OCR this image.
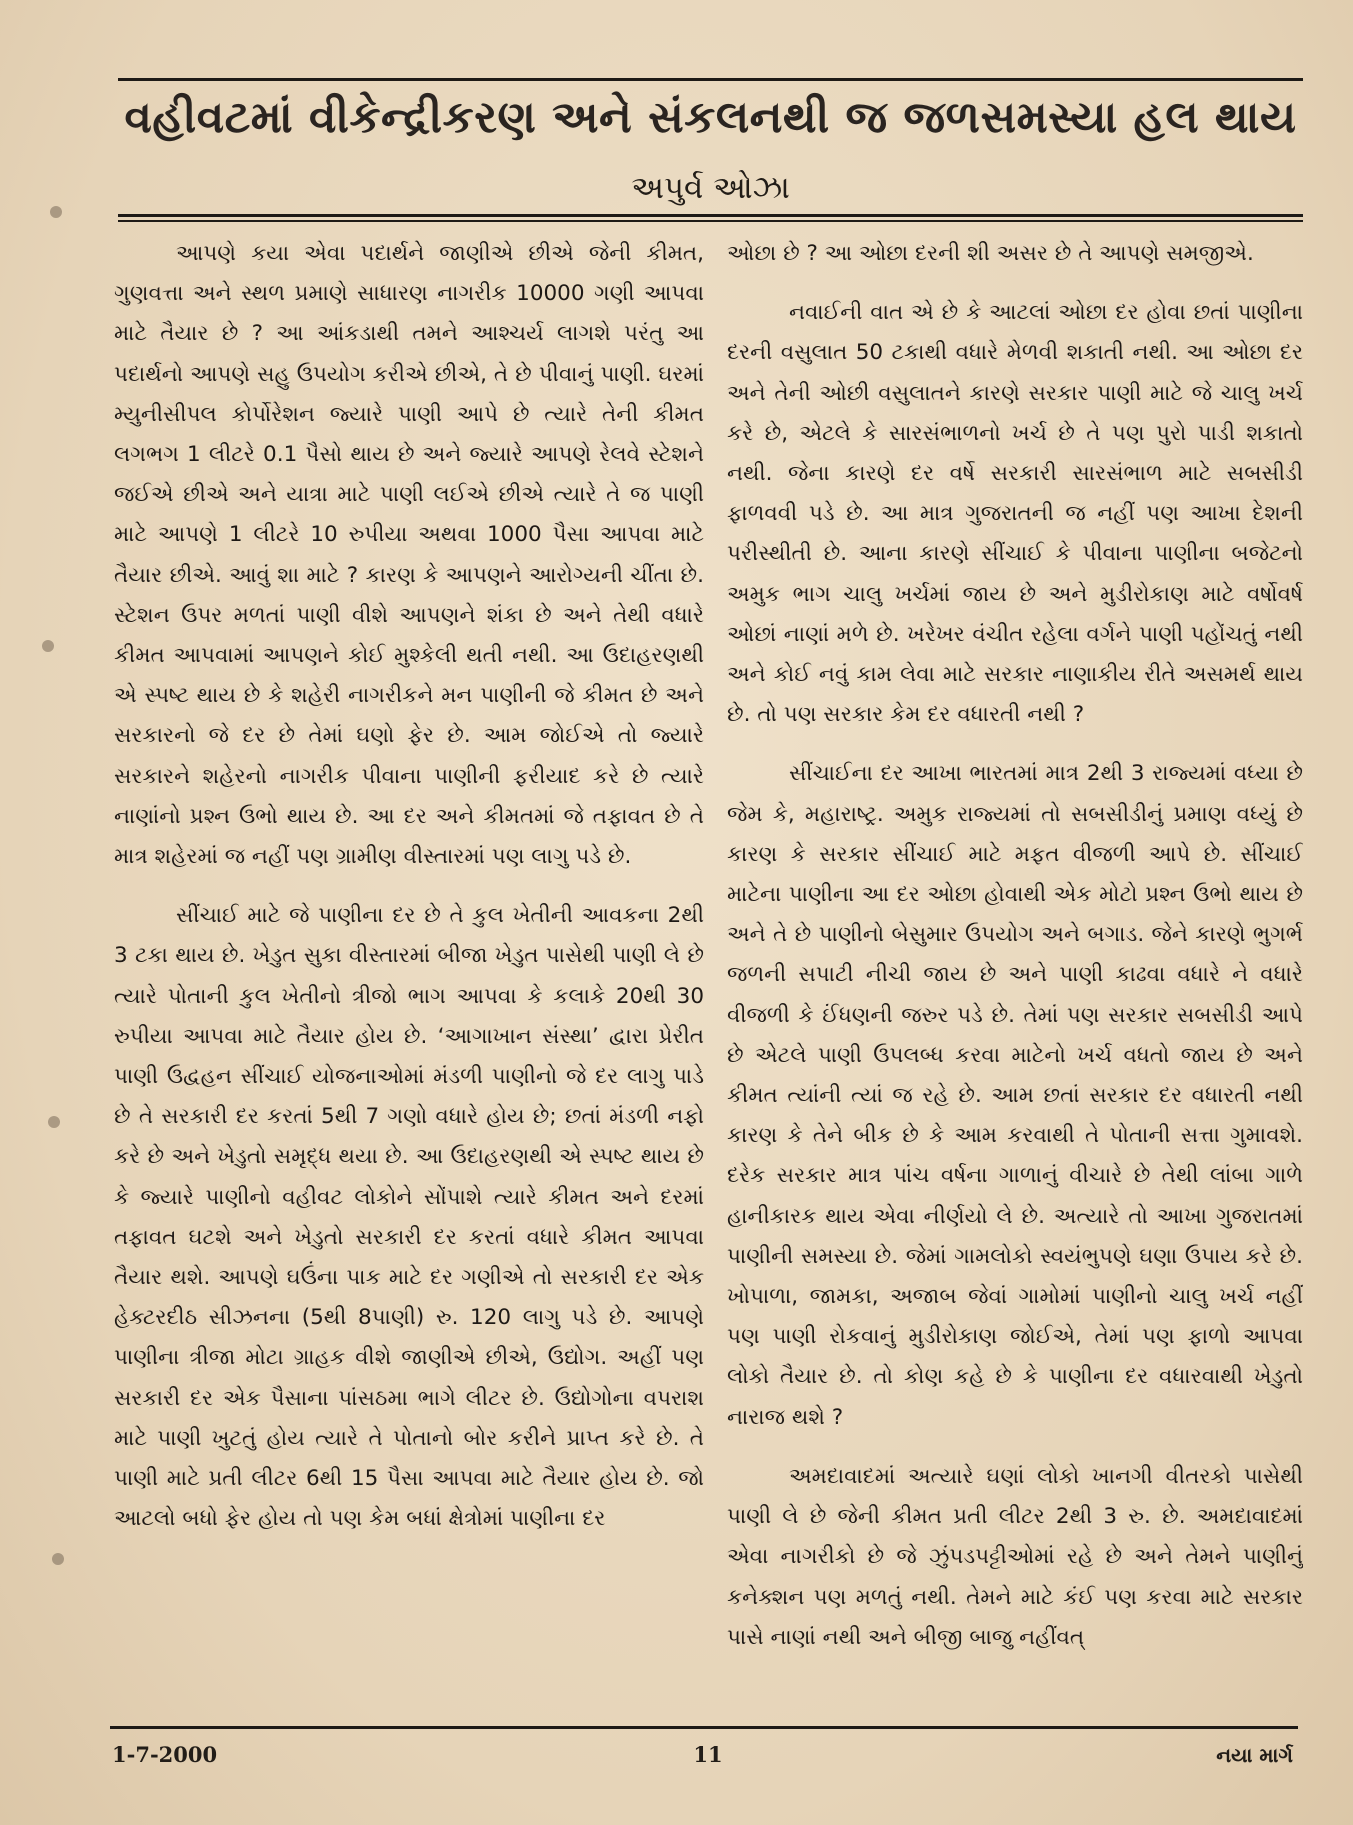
વહીવટમાં વીકેન્દ્રીકરણ અને સંકલનથી જ જળસમસ્યા હલ થાય
અપુર્વ ઓઝા

આપણે કયા એવા પદાર્થને જાણીએ છીએ જેની કીમત, ગુણવત્તા અને સ્થળ પ્રમાણે સાધારણ નાગરીક 10000 ગણી આપવા માટે તૈયાર છે ? આ આંકડાથી તમને આશ્ચર્ય લાગશે પરંતુ આ પદાર્થનો આપણે સહુ ઉપયોગ કરીએ છીએ, તે છે પીવાનું પાણી. ઘરમાં મ્યુનીસીપલ કોર્પોરેશન જ્યારે પાણી આપે છે ત્યારે તેની કીમત લગભગ 1 લીટરે 0.1 પૈસો થાય છે અને જ્યારે આપણે રેલવે સ્ટેશને જઈએ છીએ અને યાત્રા માટે પાણી લઈએ છીએ ત્યારે તે જ પાણી માટે આપણે 1 લીટરે 10 રુપીયા અથવા 1000 પૈસા આપવા માટે તૈયાર છીએ. આવું શા માટે ? કારણ કે આપણને આરોગ્યની ચીંતા છે. સ્ટેશન ઉપર મળતાં પાણી વીશે આપણને શંકા છે અને તેથી વધારે કીમત આપવામાં આપણને કોઈ મુશ્કેલી થતી નથી. આ ઉદાહરણથી એ સ્પષ્ટ થાય છે કે શહેરી નાગરીકને મન પાણીની જે કીમત છે અને સરકારનો જે દર છે તેમાં ઘણો ફેર છે. આમ જોઈએ તો જ્યારે સરકારને શહેરનો નાગરીક પીવાના પાણીની ફરીયાદ કરે છે ત્યારે નાણાંનો પ્રશ્ન ઉભો થાય છે. આ દર અને કીમતમાં જે તફાવત છે તે માત્ર શહેરમાં જ નહીં પણ ગ્રામીણ વીસ્તારમાં પણ લાગુ પડે છે.

સીંચાઈ માટે જે પાણીના દર છે તે કુલ ખેતીની આવકના 2થી 3 ટકા થાય છે. ખેડુત સુકા વીસ્તારમાં બીજા ખેડુત પાસેથી પાણી લે છે ત્યારે પોતાની કુલ ખેતીનો ત્રીજો ભાગ આપવા કે કલાકે 20થી 30 રુપીયા આપવા માટે તૈયાર હોય છે. ‘આગાખાન સંસ્થા’ દ્વારા પ્રેરીત પાણી ઉદ્વહન સીંચાઈ યોજનાઓમાં મંડળી પાણીનો જે દર લાગુ પાડે છે તે સરકારી દર કરતાં 5થી 7 ગણો વધારે હોય છે; છતાં મંડળી નફો કરે છે અને ખેડુતો સમૃદ્ધ થયા છે. આ ઉદાહરણથી એ સ્પષ્ટ થાય છે કે જ્યારે પાણીનો વહીવટ લોકોને સોંપાશે ત્યારે કીમત અને દરમાં તફાવત ઘટશે અને ખેડુતો સરકારી દર કરતાં વધારે કીમત આપવા તૈયાર થશે. આપણે ઘઉંના પાક માટે દર ગણીએ તો સરકારી દર એક હેક્ટરદીઠ સીઝનના (5થી 8પાણી) રુ. 120 લાગુ પડે છે. આપણે પાણીના ત્રીજા મોટા ગ્રાહક વીશે જાણીએ છીએ, ઉદ્યોગ. અહીં પણ સરકારી દર એક પૈસાના પાંસઠમા ભાગે લીટર છે. ઉદ્યોગોના વપરાશ માટે પાણી ખુટતું હોય ત્યારે તે પોતાનો બોર કરીને પ્રાપ્ત કરે છે. તે પાણી માટે પ્રતી લીટર 6થી 15 પૈસા આપવા માટે તૈયાર હોય છે. જો આટલો બધો ફેર હોય તો પણ કેમ બધાં ક્ષેત્રોમાં પાણીના દર

ઓછા છે ? આ ઓછા દરની શી અસર છે તે આપણે સમજીએ.

નવાઈની વાત એ છે કે આટલાં ઓછા દર હોવા છતાં પાણીના દરની વસુલાત 50 ટકાથી વધારે મેળવી શકાતી નથી. આ ઓછા દર અને તેની ઓછી વસુલાતને કારણે સરકાર પાણી માટે જે ચાલુ ખર્ચ કરે છે, એટલે કે સારસંભાળનો ખર્ચ છે તે પણ પુરો પાડી શકાતો નથી. જેના કારણે દર વર્ષે સરકારી સારસંભાળ માટે સબસીડી ફાળવવી પડે છે. આ માત્ર ગુજરાતની જ નહીં પણ આખા દેશની પરીસ્થીતી છે. આના કારણે સીંચાઈ કે પીવાના પાણીના બજેટનો અમુક ભાગ ચાલુ ખર્ચમાં જાય છે અને મુડીરોકાણ માટે વર્ષોવર્ષ ઓછાં નાણાં મળે છે. ખરેખર વંચીત રહેલા વર્ગને પાણી પહોંચતું નથી અને કોઈ નવું કામ લેવા માટે સરકાર નાણાકીય રીતે અસમર્થ થાય છે. તો પણ સરકાર કેમ દર વધારતી નથી ?

સીંચાઈના દર આખા ભારતમાં માત્ર 2થી 3 રાજ્યમાં વધ્યા છે જેમ કે, મહારાષ્ટ્ર. અમુક રાજ્યમાં તો સબસીડીનું પ્રમાણ વધ્યું છે કારણ કે સરકાર સીંચાઈ માટે મફત વીજળી આપે છે. સીંચાઈ માટેના પાણીના આ દર ઓછા હોવાથી એક મોટો પ્રશ્ન ઉભો થાય છે અને તે છે પાણીનો બેસુમાર ઉપયોગ અને બગાડ. જેને કારણે ભુગર્ભ જળની સપાટી નીચી જાય છે અને પાણી કાઢવા વધારે ને વધારે વીજળી કે ઈંધણની જરુર પડે છે. તેમાં પણ સરકાર સબસીડી આપે છે એટલે પાણી ઉપલબ્ધ કરવા માટેનો ખર્ચ વધતો જાય છે અને કીમત ત્યાંની ત્યાં જ રહે છે. આમ છતાં સરકાર દર વધારતી નથી કારણ કે તેને બીક છે કે આમ કરવાથી તે પોતાની સત્તા ગુમાવશે. દરેક સરકાર માત્ર પાંચ વર્ષના ગાળાનું વીચારે છે તેથી લાંબા ગાળે હાનીકારક થાય એવા નીર્ણયો લે છે. અત્યારે તો આખા ગુજરાતમાં પાણીની સમસ્યા છે. જેમાં ગામલોકો સ્વયંભુપણે ઘણા ઉપાય કરે છે. ખોપાળા, જામકા, અજાબ જેવાં ગામોમાં પાણીનો ચાલુ ખર્ચ નહીં પણ પાણી રોકવાનું મુડીરોકાણ જોઈએ, તેમાં પણ ફાળો આપવા લોકો તૈયાર છે. તો કોણ કહે છે કે પાણીના દર વધારવાથી ખેડુતો નારાજ થશે ?

અમદાવાદમાં અત્યારે ઘણાં લોકો ખાનગી વીતરકો પાસેથી પાણી લે છે જેની કીમત પ્રતી લીટર 2થી 3 રુ. છે. અમદાવાદમાં એવા નાગરીકો છે જે ઝુંપડપટ્ટીઓમાં રહે છે અને તેમને પાણીનું કનેક્શન પણ મળતું નથી. તેમને માટે કંઈ પણ કરવા માટે સરકાર પાસે નાણાં નથી અને બીજી બાજુ નહીંવત્

1-7-2000	11	નયા માર્ગ
